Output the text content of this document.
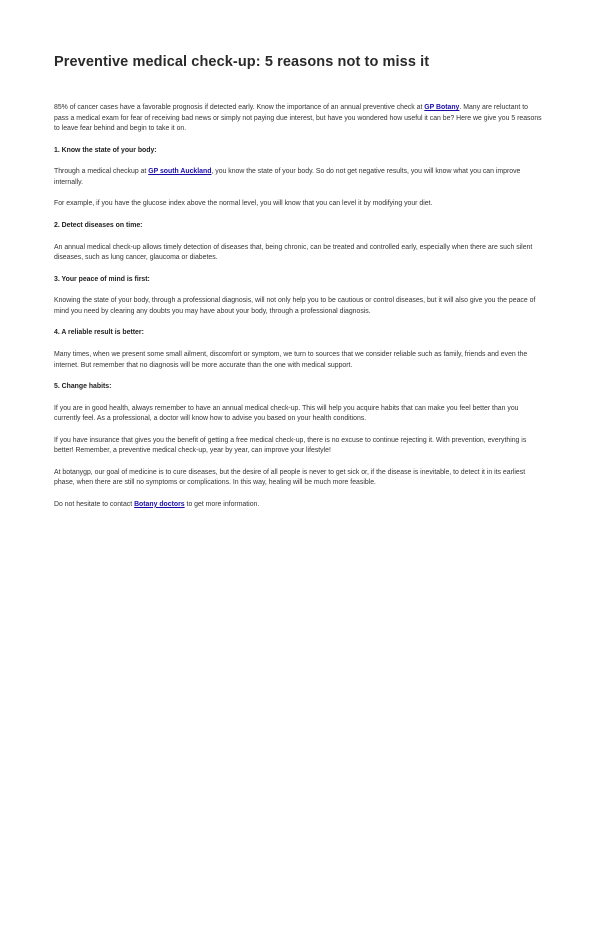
Preventive medical check-up: 5 reasons not to miss it

85% of cancer cases have a favorable prognosis if detected early. Know the importance of an annual preventive check at GP Botany. Many are reluctant to pass a medical exam for fear of receiving bad news or simply not paying due interest, but have you wondered how useful it can be? Here we give you 5 reasons to leave fear behind and begin to take it on.

1. Know the state of your body:

Through a medical checkup at GP south Auckland, you know the state of your body. So do not get negative results, you will know what you can improve internally.

For example, if you have the glucose index above the normal level, you will know that you can level it by modifying your diet.

2. Detect diseases on time:

An annual medical check-up allows timely detection of diseases that, being chronic, can be treated and controlled early, especially when there are such silent diseases, such as lung cancer, glaucoma or diabetes.

3. Your peace of mind is first:

Knowing the state of your body, through a professional diagnosis, will not only help you to be cautious or control diseases, but it will also give you the peace of mind you need by clearing any doubts you may have about your body, through a professional diagnosis.

4. A reliable result is better:

Many times, when we present some small ailment, discomfort or symptom, we turn to sources that we consider reliable such as family, friends and even the internet. But remember that no diagnosis will be more accurate than the one with medical support.

5. Change habits:

If you are in good health, always remember to have an annual medical check-up. This will help you acquire habits that can make you feel better than you currently feel. As a professional, a doctor will know how to advise you based on your health conditions.

If you have insurance that gives you the benefit of getting a free medical check-up, there is no excuse to continue rejecting it. With prevention, everything is better! Remember, a preventive medical check-up, year by year, can improve your lifestyle!

At botanygp, our goal of medicine is to cure diseases, but the desire of all people is never to get sick or, if the disease is inevitable, to detect it in its earliest phase, when there are still no symptoms or complications. In this way, healing will be much more feasible.

Do not hesitate to contact Botany doctors to get more information.
